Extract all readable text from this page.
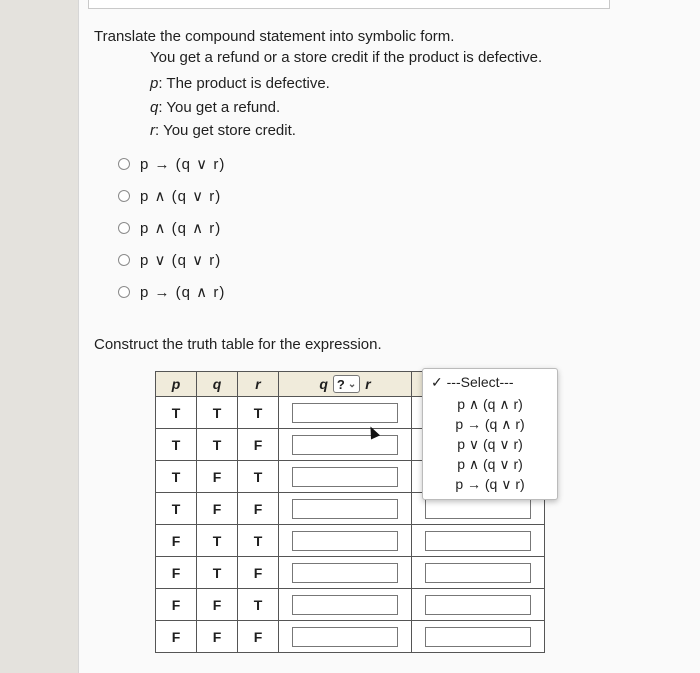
Translate the compound statement into symbolic form.
You get a refund or a store credit if the product is defective.
p: The product is defective.
q: You get a refund.
r: You get store credit.
p → (q ∨ r)
p ∧ (q ∨ r)
p ∧ (q ∧ r)
p ∨ (q ∨ r)
p → (q ∧ r)
Construct the truth table for the expression.
p	q	r	q ? ⌄ r	

T	T	T	

T	T	F	

T	F	T	

T	F	F	

F	T	T	

F	T	F	

F	F	T	

F	F	F	

✓ ---Select---
p ∧ (q ∧ r)
p → (q ∧ r)
p ∨ (q ∨ r)
p ∧ (q ∨ r)
p → (q ∨ r)
